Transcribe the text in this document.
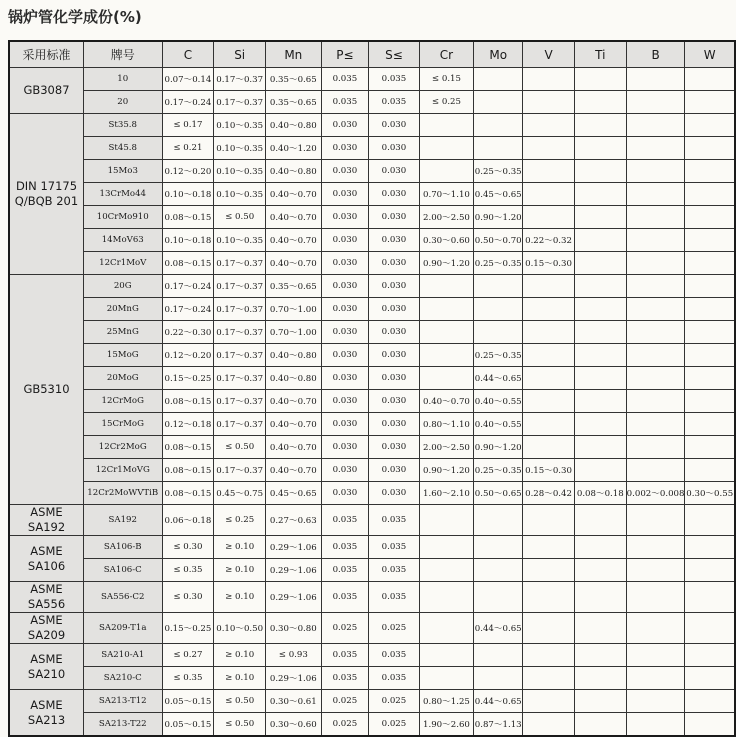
锅炉管化学成份(%)
采用标准	牌号	C	Si	Mn	P≤	S≤	Cr	Mo	V	Ti	B	W
GB3087	10	0.07～0.14	0.17～0.37	0.35～0.65	0.035	0.035	≤ 0.15					
	20	0.17～0.24	0.17～0.37	0.35～0.65	0.035	0.035	≤ 0.25					
DIN 17175 Q/BQB 201	St35.8	≤ 0.17	0.10～0.35	0.40～0.80	0.030	0.030						
	St45.8	≤ 0.21	0.10～0.35	0.40～1.20	0.030	0.030						
	15Mo3	0.12～0.20	0.10～0.35	0.40～0.80	0.030	0.030		0.25～0.35				
	13CrMo44	0.10～0.18	0.10～0.35	0.40～0.70	0.030	0.030	0.70～1.10	0.45～0.65				
	10CrMo910	0.08～0.15	≤ 0.50	0.40～0.70	0.030	0.030	2.00～2.50	0.90～1.20				
	14MoV63	0.10～0.18	0.10～0.35	0.40～0.70	0.030	0.030	0.30～0.60	0.50～0.70	0.22～0.32			
	12Cr1MoV	0.08～0.15	0.17～0.37	0.40～0.70	0.030	0.030	0.90～1.20	0.25～0.35	0.15～0.30			
GB5310	20G	0.17～0.24	0.17～0.37	0.35～0.65	0.030	0.030						
	20MnG	0.17～0.24	0.17～0.37	0.70～1.00	0.030	0.030						
	25MnG	0.22～0.30	0.17～0.37	0.70～1.00	0.030	0.030						
	15MoG	0.12～0.20	0.17～0.37	0.40～0.80	0.030	0.030		0.25～0.35				
	20MoG	0.15～0.25	0.17～0.37	0.40～0.80	0.030	0.030		0.44～0.65				
	12CrMoG	0.08～0.15	0.17～0.37	0.40～0.70	0.030	0.030	0.40～0.70	0.40～0.55				
	15CrMoG	0.12～0.18	0.17～0.37	0.40～0.70	0.030	0.030	0.80～1.10	0.40～0.55				
	12Cr2MoG	0.08～0.15	≤ 0.50	0.40～0.70	0.030	0.030	2.00～2.50	0.90～1.20				
	12Cr1MoVG	0.08～0.15	0.17～0.37	0.40～0.70	0.030	0.030	0.90～1.20	0.25～0.35	0.15～0.30			
	12Cr2MoWVTiB	0.08～0.15	0.45～0.75	0.45～0.65	0.030	0.030	1.60～2.10	0.50～0.65	0.28～0.42	0.08～0.18	0.002～0.008	0.30～0.55
ASME SA192	SA192	0.06～0.18	≤ 0.25	0.27～0.63	0.035	0.035						
ASME SA106	SA106-B	≤ 0.30	≥ 0.10	0.29～1.06	0.035	0.035						
	SA106-C	≤ 0.35	≥ 0.10	0.29～1.06	0.035	0.035						
ASME SA556	SA556-C2	≤ 0.30	≥ 0.10	0.29～1.06	0.035	0.035						
ASME SA209	SA209-T1a	0.15～0.25	0.10～0.50	0.30～0.80	0.025	0.025		0.44～0.65				
ASME SA210	SA210-A1	≤ 0.27	≥ 0.10	≤ 0.93	0.035	0.035						
	SA210-C	≤ 0.35	≥ 0.10	0.29～1.06	0.035	0.035						
ASME SA213	SA213-T12	0.05～0.15	≤ 0.50	0.30～0.61	0.025	0.025	0.80～1.25	0.44～0.65				
	SA213-T22	0.05～0.15	≤ 0.50	0.30～0.60	0.025	0.025	1.90～2.60	0.87～1.13				
